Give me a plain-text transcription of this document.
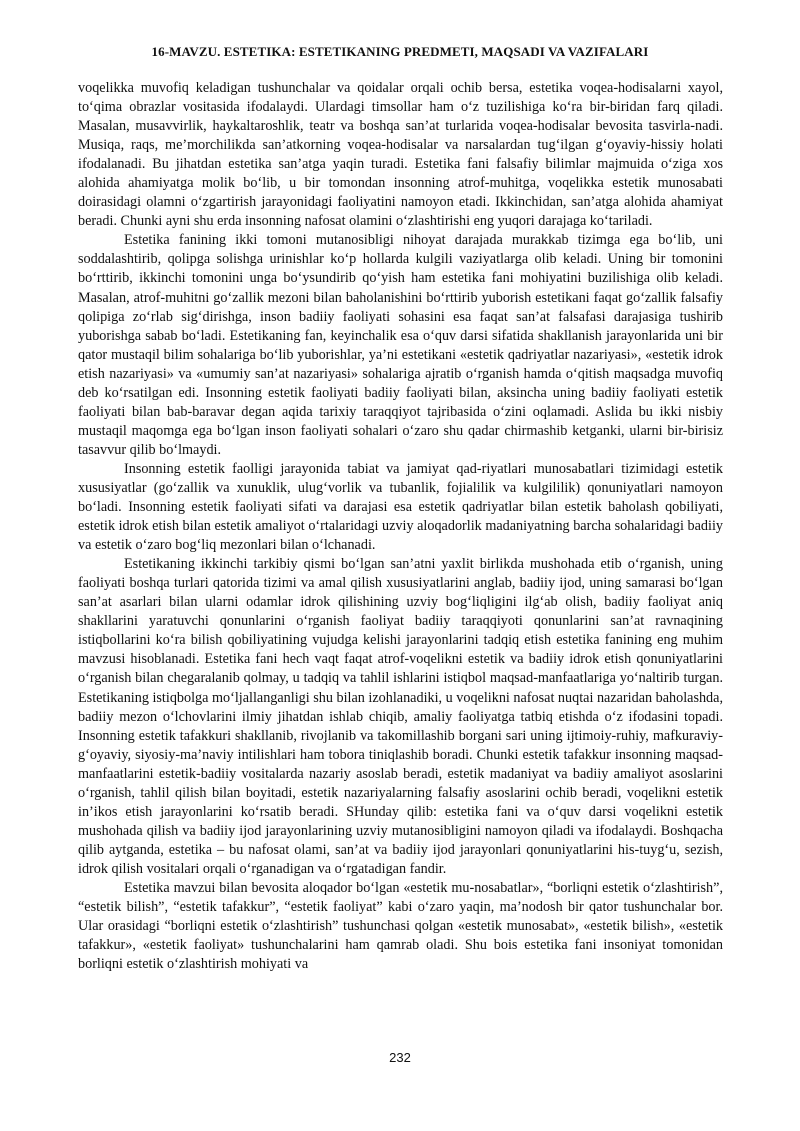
16-MAVZU. ESTETIKA: ESTETIKANING PREDMETI, MAQSADI VA VAZIFALARI

voqelikka muvofiq keladigan tushunchalar va qoidalar orqali ochib bersa, estetika voqea-hodisalarni xayol, to‘qima obrazlar vositasida ifodalaydi. Ulardagi timsollar ham o‘z tuzilishiga ko‘ra bir-biridan farq qiladi. Masalan, musavvirlik, haykaltaroshlik, teatr va boshqa san’at turlarida voqea-hodisalar bevosita tasvirla-nadi. Musiqa, raqs, me’morchilikda san’atkorning voqea-hodisalar va narsalardan tug‘ilgan g‘oyaviy-hissiy holati ifodalanadi. Bu jihatdan estetika san’atga yaqin turadi. Estetika fani falsafiy bilimlar majmuida o‘ziga xos alohida ahamiyatga molik bo‘lib, u bir tomondan insonning atrof-muhitga, voqelikka estetik munosabati doirasidagi olamni o‘zgartirish jarayonidagi faoliyatini namoyon etadi. Ikkinchidan, san’atga alohida ahamiyat beradi. Chunki ayni shu erda insonning nafosat olamini o‘zlashtirishi eng yuqori darajaga ko‘tariladi.

Estetika fanining ikki tomoni mutanosibligi nihoyat darajada murakkab tizimga ega bo‘lib, uni soddalashtirib, qolipga solishga urinishlar ko‘p hollarda kulgili vaziyatlarga olib keladi. Uning bir tomonini bo‘rttirib, ikkinchi tomonini unga bo‘ysundirib qo‘yish ham estetika fani mohiyatini buzilishiga olib keladi. Masalan, atrof-muhitni go‘zallik mezoni bilan baholanishini bo‘rttirib yuborish estetikani faqat go‘zallik falsafiy qolipiga zo‘rlab sig‘dirishga, inson badiiy faoliyati sohasini esa faqat san’at falsafasi darajasiga tushirib yuborishga sabab bo‘ladi. Estetikaning fan, keyinchalik esa o‘quv darsi sifatida shakllanish jarayonlarida uni bir qator mustaqil bilim sohalariga bo‘lib yuborishlar, ya’ni estetikani «estetik qadriyatlar nazariyasi», «estetik idrok etish nazariyasi» va «umumiy san’at nazariyasi» sohalariga ajratib o‘rganish hamda o‘qitish maqsadga muvofiq deb ko‘rsatilgan edi. Insonning estetik faoliyati badiiy faoliyati bilan, aksincha uning badiiy faoliyati estetik faoliyati bilan bab-baravar degan aqida tarixiy taraqqiyot tajribasida o‘zini oqlamadi. Aslida bu ikki nisbiy mustaqil maqomga ega bo‘lgan inson faoliyati sohalari o‘zaro shu qadar chirmashib ketganki, ularni bir-birisiz tasavvur qilib bo‘lmaydi.

Insonning estetik faolligi jarayonida tabiat va jamiyat qad-riyatlari munosabatlari tizimidagi estetik xususiyatlar (go‘zallik va xunuklik, ulug‘vorlik va tubanlik, fojialilik va kulgililik) qonuniyatlari namoyon bo‘ladi. Insonning estetik faoliyati sifati va darajasi esa estetik qadriyatlar bilan estetik baholash qobiliyati, estetik idrok etish bilan estetik amaliyot o‘rtalaridagi uzviy aloqadorlik madaniyatning barcha sohalaridagi badiiy va estetik o‘zaro bog‘liq mezonlari bilan o‘lchanadi.

Estetikaning ikkinchi tarkibiy qismi bo‘lgan san’atni yaxlit birlikda mushohada etib o‘rganish, uning faoliyati boshqa turlari qatorida tizimi va amal qilish xususiyatlarini anglab, badiiy ijod, uning samarasi bo‘lgan san’at asarlari bilan ularni odamlar idrok qilishining uzviy bog‘liqligini ilg‘ab olish, badiiy faoliyat aniq shakllarini yaratuvchi qonunlarini o‘rganish faoliyat badiiy taraqqiyoti qonunlarini san’at ravnaqining istiqbollarini ko‘ra bilish qobiliyatining vujudga kelishi jarayonlarini tadqiq etish estetika fanining eng muhim mavzusi hisoblanadi. Estetika fani hech vaqt faqat atrof-voqelikni estetik va badiiy idrok etish qonuniyatlarini o‘rganish bilan chegaralanib qolmay, u tadqiq va tahlil ishlarini istiqbol maqsad-manfaatlariga yo‘naltirib turgan. Estetikaning istiqbolga mo‘ljallanganligi shu bilan izohlanadiki, u voqelikni nafosat nuqtai nazaridan baholashda, badiiy mezon o‘lchovlarini ilmiy jihatdan ishlab chiqib, amaliy faoliyatga tatbiq etishda o‘z ifodasini topadi. Insonning estetik tafakkuri shakllanib, rivojlanib va takomillashib borgani sari uning ijtimoiy-ruhiy, mafkuraviy-g‘oyaviy, siyosiy-ma’naviy intilishlari ham tobora tiniqlashib boradi. Chunki estetik tafakkur insonning maqsad-manfaatlarini estetik-badiiy vositalarda nazariy asoslab beradi, estetik madaniyat va badiiy amaliyot asoslarini o‘rganish, tahlil qilish bilan boyitadi, estetik nazariyalarning falsafiy asoslarini ochib beradi, voqelikni estetik in’ikos etish jarayonlarini ko‘rsatib beradi. SHunday qilib: estetika fani va o‘quv darsi voqelikni estetik mushohada qilish va badiiy ijod jarayonlarining uzviy mutanosibligini namoyon qiladi va ifodalaydi. Boshqacha qilib aytganda, estetika – bu nafosat olami, san’at va badiiy ijod jarayonlari qonuniyatlarini his-tuyg‘u, sezish, idrok qilish vositalari orqali o‘rganadigan va o‘rgatadigan fandir.

Estetika mavzui bilan bevosita aloqador bo‘lgan «estetik mu-nosabatlar», “borliqni estetik o‘zlashtirish”, “estetik bilish”, “estetik tafakkur”, “estetik faoliyat” kabi o‘zaro yaqin, ma’nodosh bir qator tushunchalar bor. Ular orasidagi “borliqni estetik o‘zlashtirish” tushunchasi qolgan «estetik munosabat», «estetik bilish», «estetik tafakkur», «estetik faoliyat» tushunchalarini ham qamrab oladi. Shu bois estetika fani insoniyat tomonidan borliqni estetik o‘zlashtirish mohiyati va

232
